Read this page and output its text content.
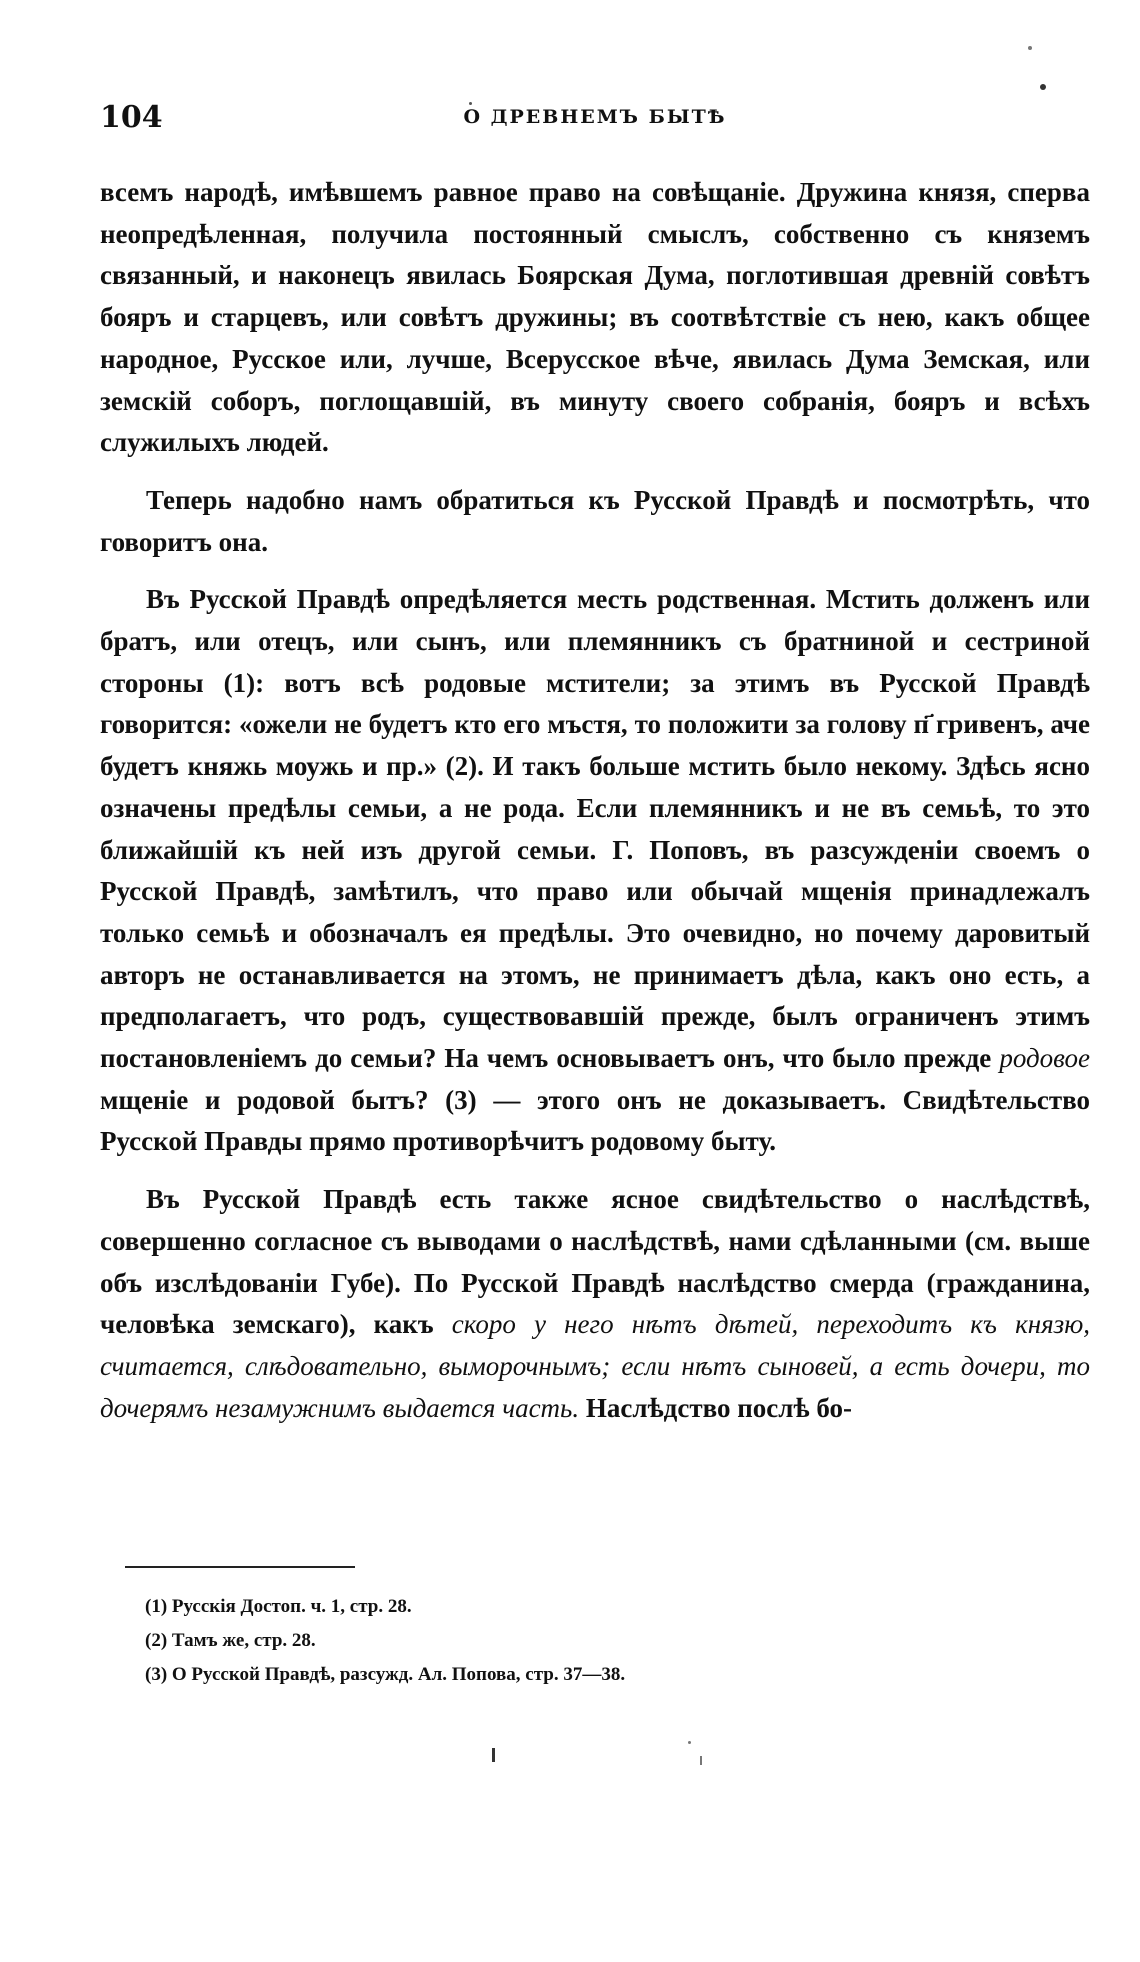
104	О ДРЕВНЕМЪ БЫТѢ

всемъ народѣ, имѣвшемъ равное право на совѣщаніе. Дружина князя, сперва неопредѣленная, получила постоянный смыслъ, собственно съ княземъ связанный, и наконецъ явилась Боярская Дума, поглотившая древній совѣтъ бояръ и старцевъ, или совѣтъ дружины; въ соотвѣтствіе съ нею, какъ общее народное, Русское или, лучше, Всерусское вѣче, явилась Дума Земская, или земскій соборъ, поглощавшій, въ минуту своего собранія, бояръ и всѣхъ служилыхъ людей.

Теперь надобно намъ обратиться къ Русской Правдѣ и посмотрѣть, что говоритъ она.

Въ Русской Правдѣ опредѣляется месть родственная. Мстить долженъ или братъ, или отецъ, или сынъ, или племянникъ съ братниной и сестриной стороны (1): вотъ всѣ родовые мстители; за этимъ въ Русской Правдѣ говорится: «ожели не будетъ кто его мъстя, то положити за голову п҃ гривенъ, аче будетъ княжь моужь и пр.» (2). И такъ больше мстить было некому. Здѣсь ясно означены предѣлы семьи, а не рода. Если племянникъ и не въ семьѣ, то это ближайшій къ ней изъ другой семьи. Г. Поповъ, въ разсужденіи своемъ о Русской Правдѣ, замѣтилъ, что право или обычай мщенія принадлежалъ только семьѣ и обозначалъ ея предѣлы. Это очевидно, но почему даровитый авторъ не останавливается на этомъ, не принимаетъ дѣла, какъ оно есть, а предполагаетъ, что родъ, существовавшій прежде, былъ ограниченъ этимъ постановленіемъ до семьи? На чемъ основываетъ онъ, что было прежде родовое мщеніе и родовой бытъ? (3) — этого онъ не доказываетъ. Свидѣтельство Русской Правды прямо противорѣчитъ родовому быту.

Въ Русской Правдѣ есть также ясное свидѣтельство о наслѣдствѣ, совершенно согласное съ выводами о наслѣдствѣ, нами сдѣланными (см. выше объ изслѣдованіи Губе). По Русской Правдѣ наслѣдство смерда (гражданина, человѣка земскаго), какъ скоро у него нѣтъ дѣтей, переходитъ къ князю, считается, слѣдовательно, выморочнымъ; если нѣтъ сыновей, а есть дочери, то дочерямъ незамужнимъ выдается часть. Наслѣдство послѣ бо-

(1) Русскія Достоп. ч. 1, стр. 28.
(2) Тамъ же, стр. 28.
(3) О Русской Правдѣ, разсужд. Ал. Попова, стр. 37—38.
